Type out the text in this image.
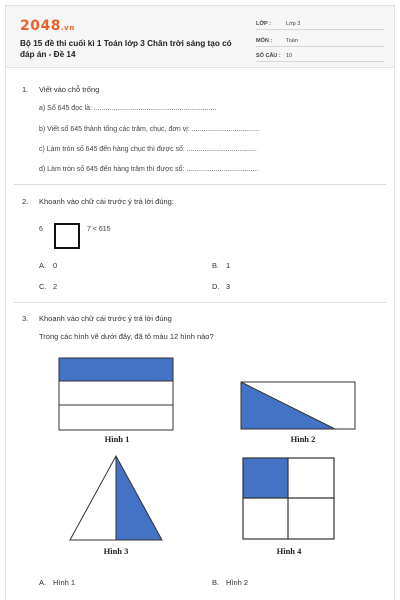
2048.vn
Bộ 15 đề thi cuối kì 1 Toán lớp 3 Chân trời sáng tạo có đáp án - Đề 14
LỚP :	Lớp 3
MÔN :	Toán
SỐ CÂU : 10
1. Viết vào chỗ trống
a) Số 645 đọc là: ...............................................................
b) Viết số 645 thành tổng các trăm, chục, đơn vị: ...................................
c) Làm tròn số 645 đến hàng chục thì được số: ....................................
d) Làm tròn số 645 đến hàng trăm thì được số: .....................................
2. Khoanh vào chữ cái trước ý trả lời đúng:
6	7 < 615
A. 0	B. 1
C. 2	D. 3
3. Khoanh vào chữ cái trước ý trả lời đúng
Trong các hình vẽ dưới đây, đã tô màu 12 hình nào?
Hình 1	Hình 2
Hình 3	Hình 4
A. Hình 1	B. Hình 2
